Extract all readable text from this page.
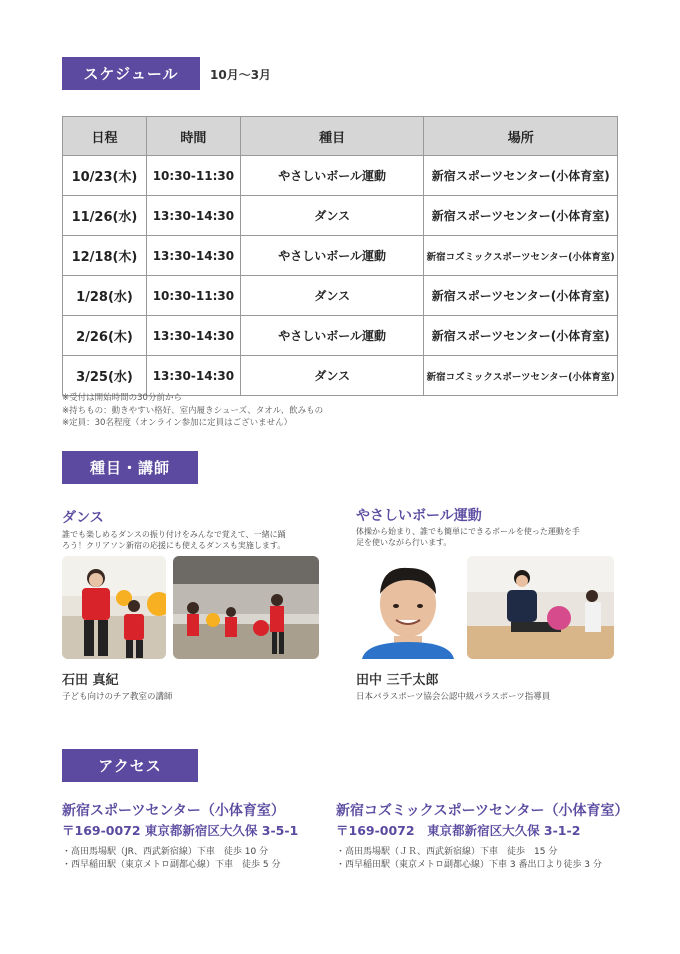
スケジュール	10月〜3月
日程	時間	種目	場所
10/23(木)	10:30-11:30	やさしいボール運動	新宿スポーツセンター(小体育室)
11/26(水)	13:30-14:30	ダンス	新宿スポーツセンター(小体育室)
12/18(木)	13:30-14:30	やさしいボール運動	新宿コズミックスポーツセンター(小体育室)
1/28(水)	10:30-11:30	ダンス	新宿スポーツセンター(小体育室)
2/26(木)	13:30-14:30	やさしいボール運動	新宿スポーツセンター(小体育室)
3/25(水)	13:30-14:30	ダンス	新宿コズミックスポーツセンター(小体育室)
※受付は開始時間の30分前から
※持ちもの：動きやすい格好、室内履きシューズ、タオル、飲みもの
※定員：30名程度（オンライン参加に定員はございません）
種目・講師
ダンス
誰でも楽しめるダンスの振り付けをみんなで覚えて、一緒に踊
ろう！クリアソン新宿の応援にも使えるダンスも実施します。
石田 真紀
子ども向けのチア教室の講師
やさしいボール運動
体操から始まり、誰でも簡単にできるボールを使った運動を手
足を使いながら行います。
田中 三千太郎
日本パラスポーツ協会公認中級パラスポーツ指導員
アクセス
新宿スポーツセンター（小体育室）
〒169-0072 東京都新宿区大久保 3-5-1
・高田馬場駅（JR、西武新宿線）下車　徒歩 10 分
・西早稲田駅（東京メトロ副都心線）下車　徒歩 5 分
新宿コズミックスポーツセンター（小体育室）
〒169-0072　東京都新宿区大久保 3-1-2
・高田馬場駅（ＪＲ、西武新宿線）下車　徒歩　15 分
・西早稲田駅（東京メトロ副都心線）下車 3 番出口より徒歩 3 分
